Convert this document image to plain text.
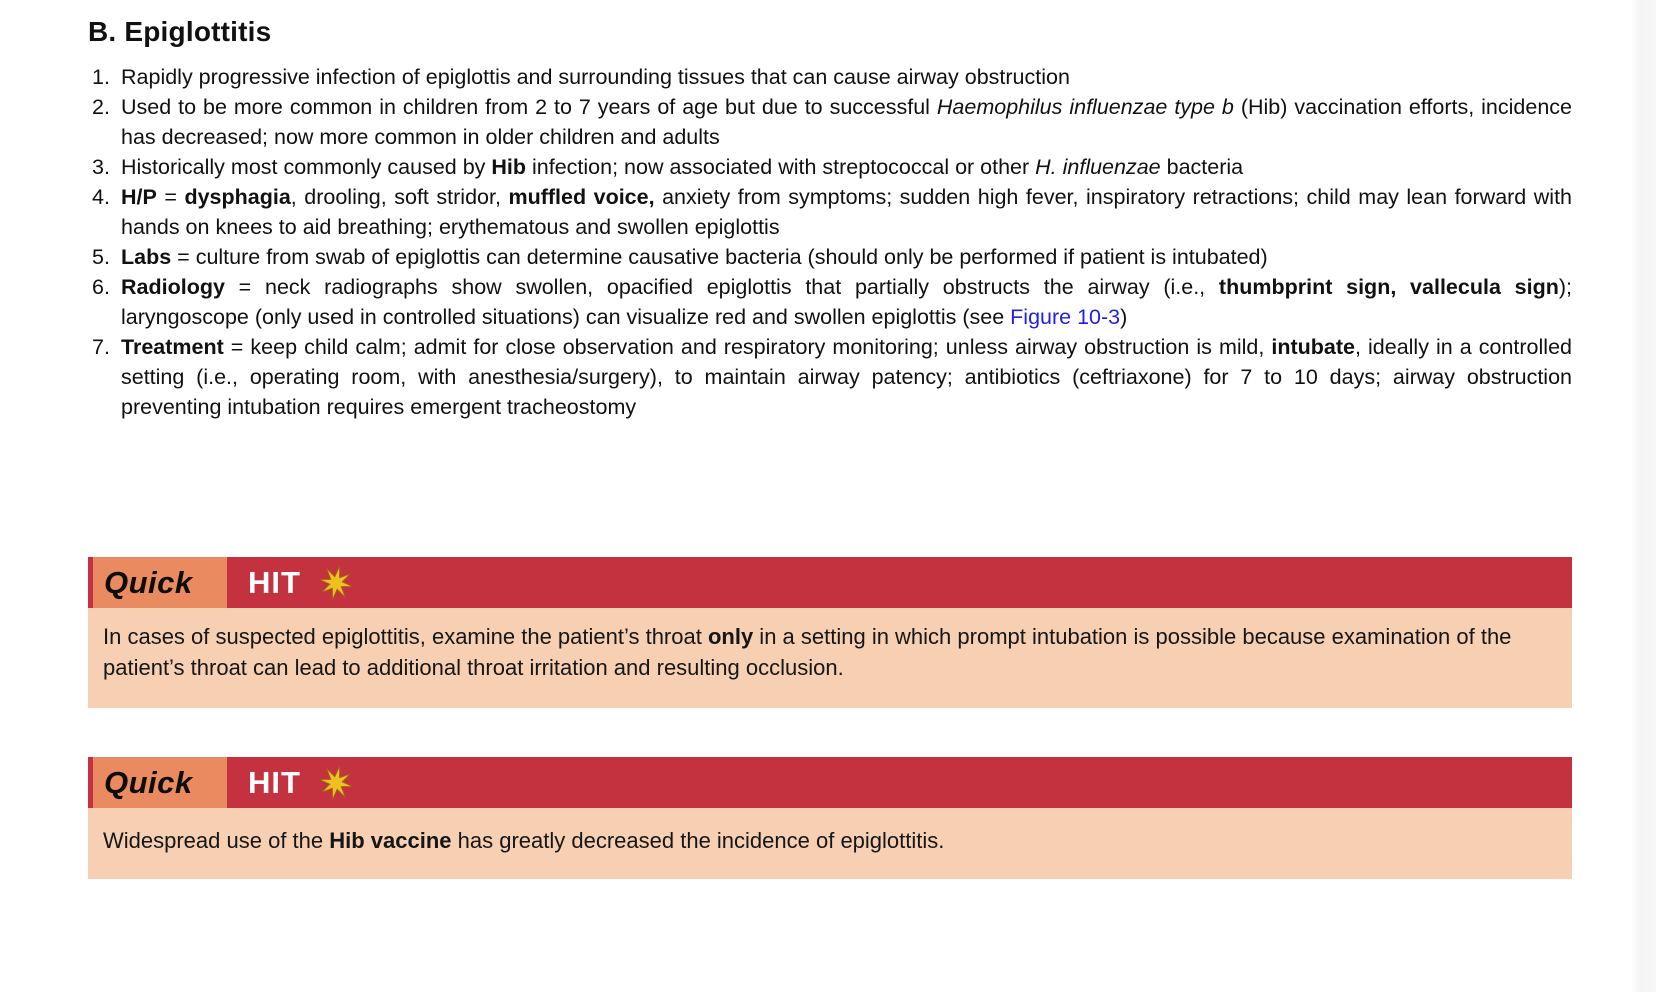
B. Epiglottitis
1. Rapidly progressive infection of epiglottis and surrounding tissues that can cause airway obstruction
2. Used to be more common in children from 2 to 7 years of age but due to successful Haemophilus influenzae type b (Hib) vaccination efforts, incidence has decreased; now more common in older children and adults
3. Historically most commonly caused by Hib infection; now associated with streptococcal or other H. influenzae bacteria
4. H/P = dysphagia, drooling, soft stridor, muffled voice, anxiety from symptoms; sudden high fever, inspiratory retractions; child may lean forward with hands on knees to aid breathing; erythematous and swollen epiglottis
5. Labs = culture from swab of epiglottis can determine causative bacteria (should only be performed if patient is intubated)
6. Radiology = neck radiographs show swollen, opacified epiglottis that partially obstructs the airway (i.e., thumbprint sign, vallecula sign); laryngoscope (only used in controlled situations) can visualize red and swollen epiglottis (see Figure 10-3)
7. Treatment = keep child calm; admit for close observation and respiratory monitoring; unless airway obstruction is mild, intubate, ideally in a controlled setting (i.e., operating room, with anesthesia/surgery), to maintain airway patency; antibiotics (ceftriaxone) for 7 to 10 days; airway obstruction preventing intubation requires emergent tracheostomy
Quick HIT
In cases of suspected epiglottitis, examine the patient’s throat only in a setting in which prompt intubation is possible because examination of the patient’s throat can lead to additional throat irritation and resulting occlusion.
Quick HIT
Widespread use of the Hib vaccine has greatly decreased the incidence of epiglottitis.
